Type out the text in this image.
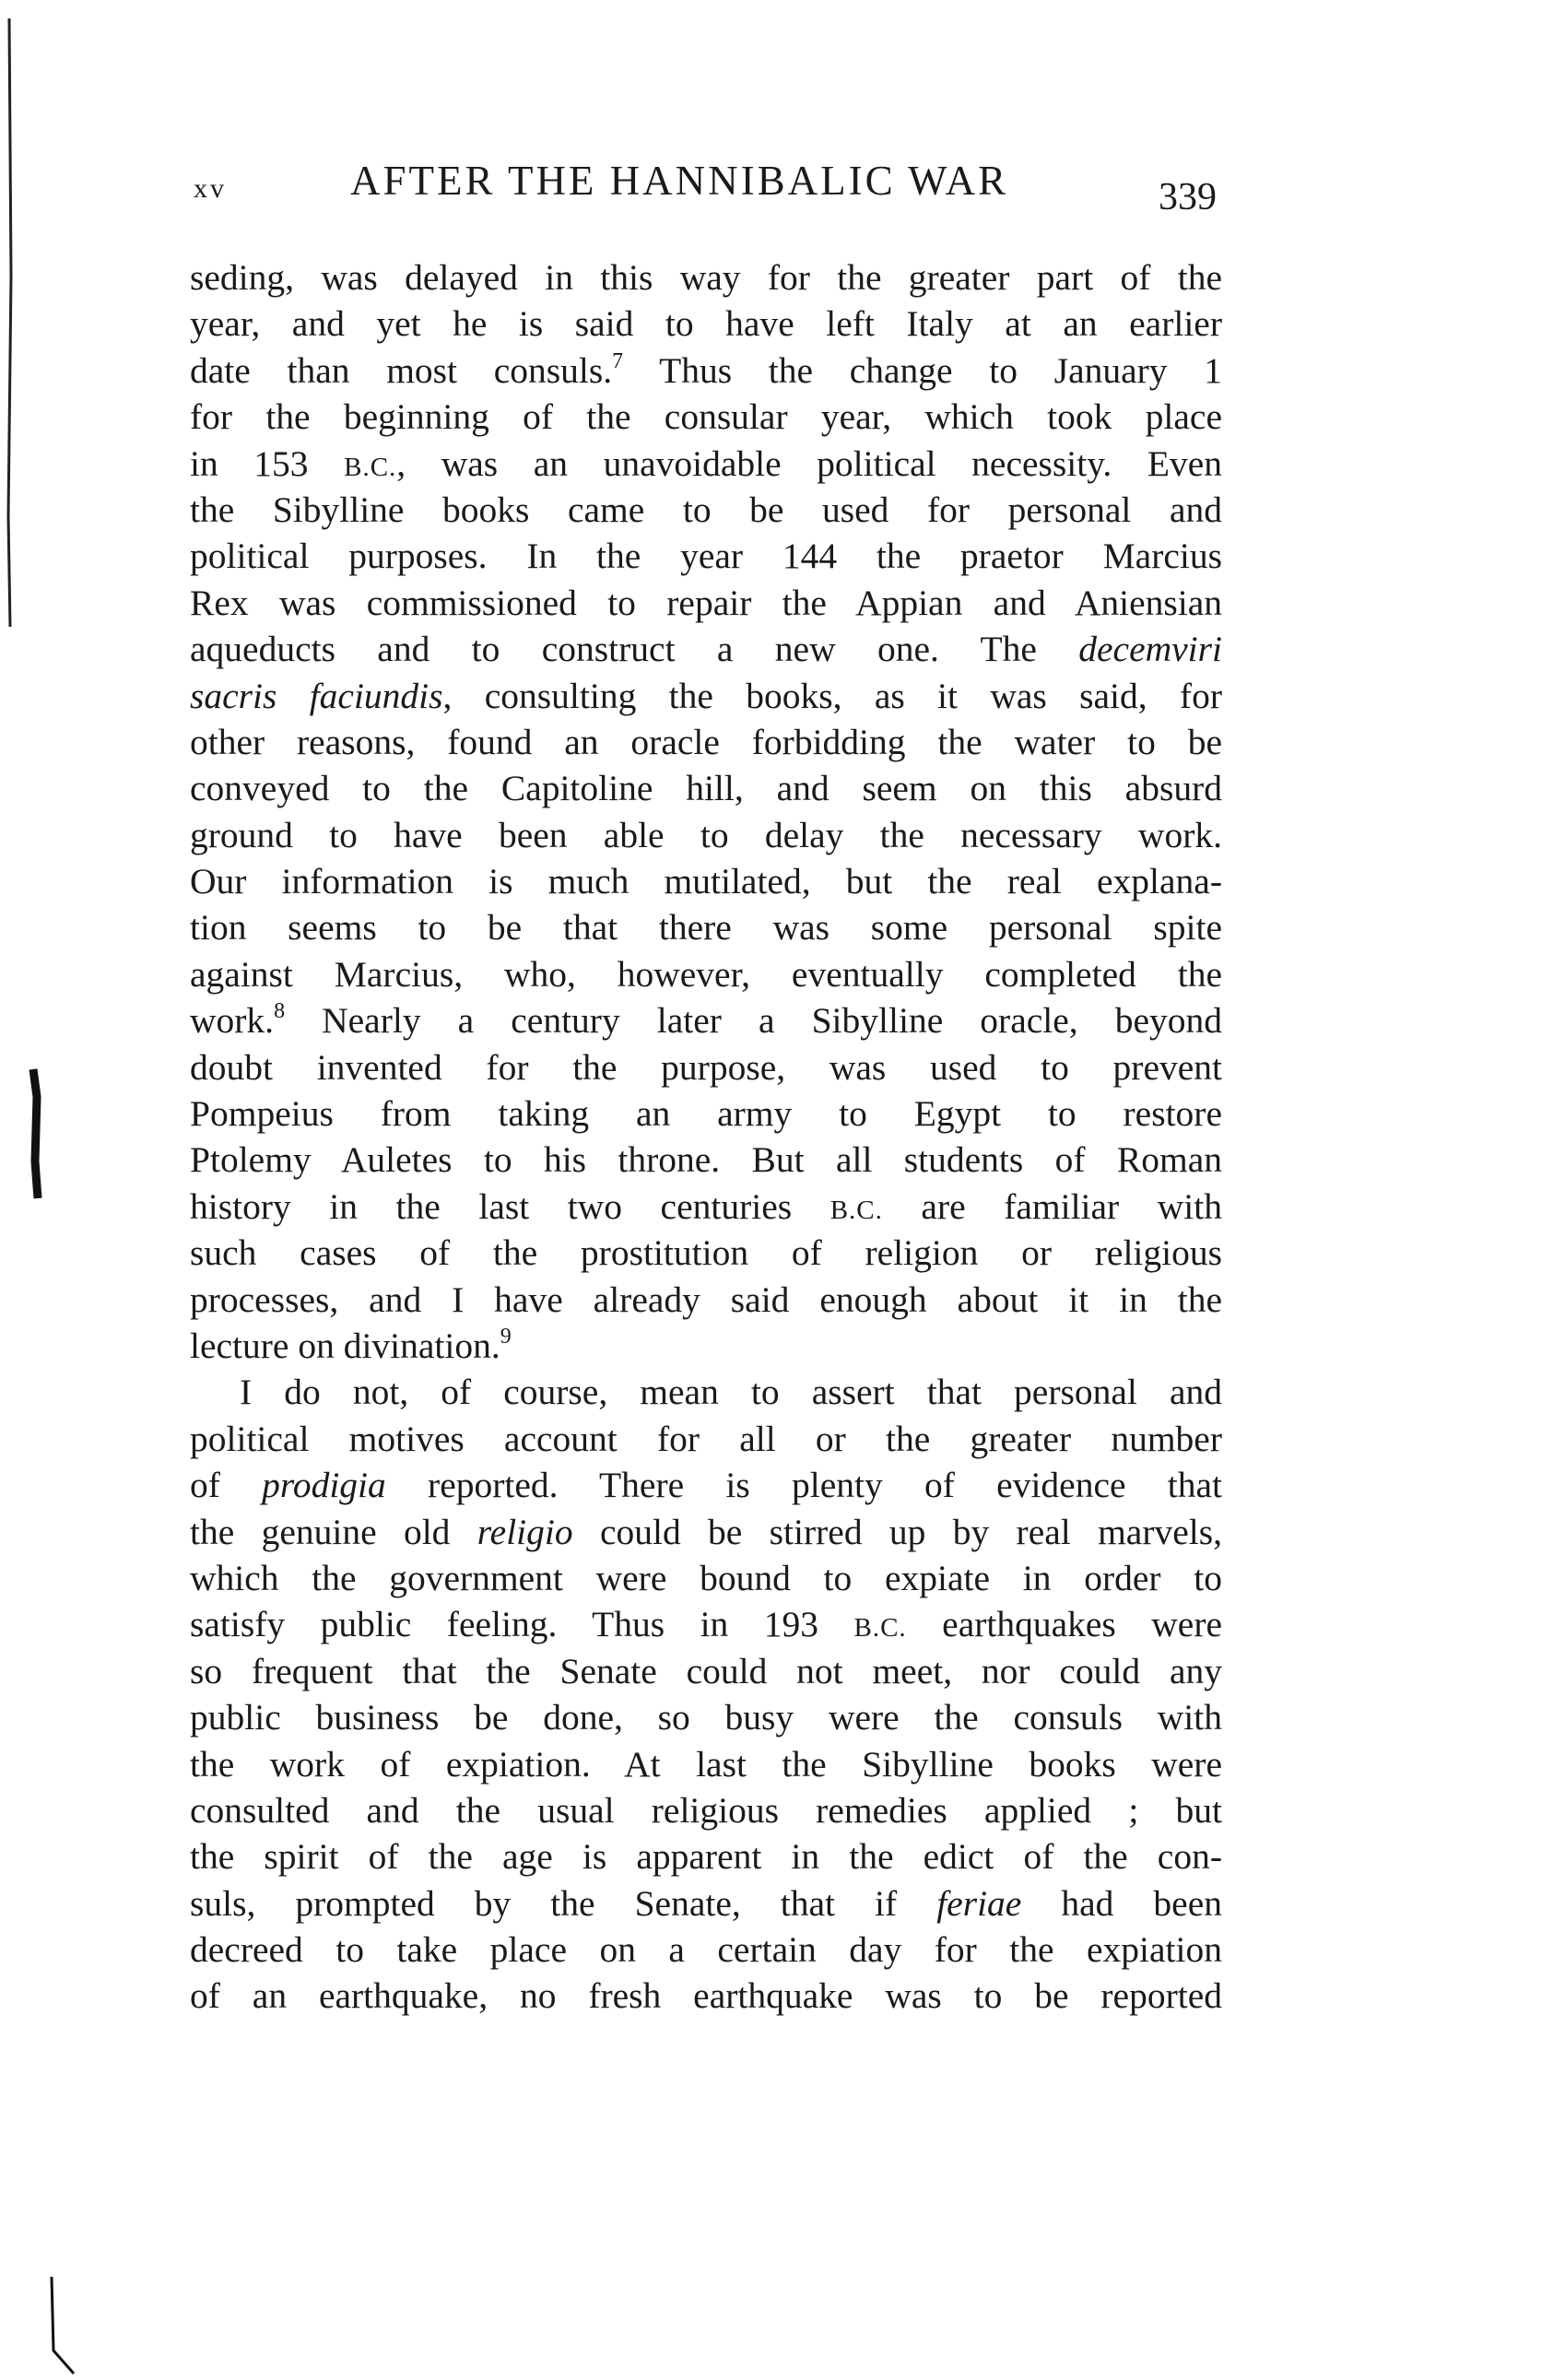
xv	AFTER THE HANNIBALIC WAR	339
seding, was delayed in this way for the greater part of the
year, and yet he is said to have left Italy at an earlier
date than most consuls.$^7$ Thus the change to January 1
for the beginning of the consular year, which took place
in 153 B.C., was an unavoidable political necessity. Even
the Sibylline books came to be used for personal and
political purposes. In the year 144 the praetor Marcius
Rex was commissioned to repair the Appian and Aniensian
aqueducts and to construct a new one. The decemviri
sacris faciundis, consulting the books, as it was said, for
other reasons, found an oracle forbidding the water to be
conveyed to the Capitoline hill, and seem on this absurd
ground to have been able to delay the necessary work.
Our information is much mutilated, but the real explana-
tion seems to be that there was some personal spite
against Marcius, who, however, eventually completed the
work.$^8$ Nearly a century later a Sibylline oracle, beyond
doubt invented for the purpose, was used to prevent
Pompeius from taking an army to Egypt to restore
Ptolemy Auletes to his throne. But all students of Roman
history in the last two centuries B.C. are familiar with
such cases of the prostitution of religion or religious
processes, and I have already said enough about it in the
lecture on divination.$^9$
I do not, of course, mean to assert that personal and
political motives account for all or the greater number
of prodigia reported. There is plenty of evidence that
the genuine old religio could be stirred up by real marvels,
which the government were bound to expiate in order to
satisfy public feeling. Thus in 193 B.C. earthquakes were
so frequent that the Senate could not meet, nor could any
public business be done, so busy were the consuls with
the work of expiation. At last the Sibylline books were
consulted and the usual religious remedies applied ; but
the spirit of the age is apparent in the edict of the con-
suls, prompted by the Senate, that if feriae had been
decreed to take place on a certain day for the expiation
of an earthquake, no fresh earthquake was to be reported
